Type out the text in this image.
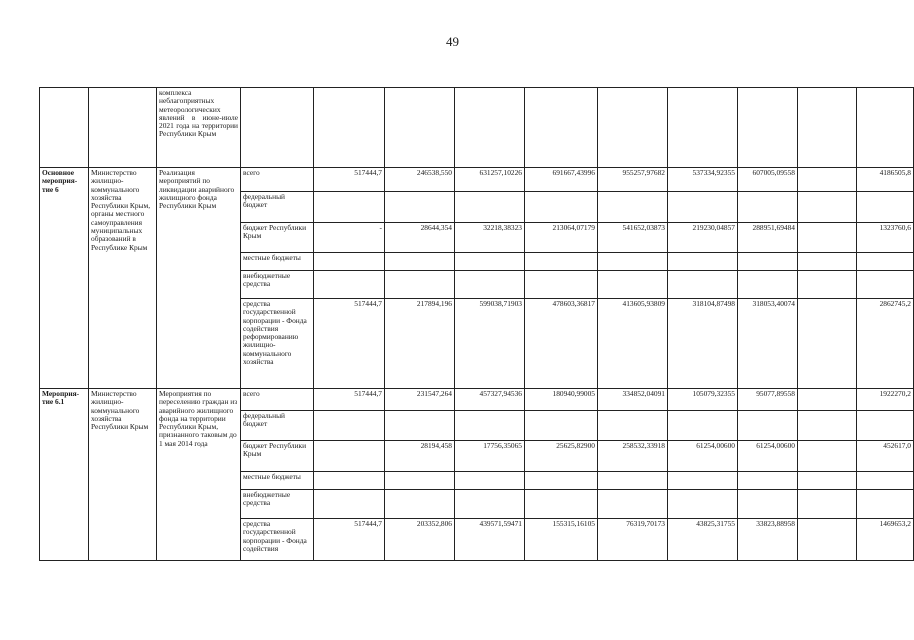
49
		комплекса неблагоприятных метеорологических явлений в июне-июле 2021 года на территории Республики Крым										
Основное мероприя-тие 6	Министерство жилищно-коммунального хозяйства Республики Крым, органы местного самоуправления муниципальных образований в Республике Крым	Реализация мероприятий по ликвидации аварийного жилищного фонда Республики Крым	всего	517444,7	246538,550	631257,10226	691667,43996	955257,97682	537334,92355	607005,09558		4186505,8
			федеральный бюджет									
			бюджет Республики Крым	-	28644,354	32218,38323	213064,07179	541652,03873	219230,04857	288951,69484		1323760,6
			местные бюджеты									
			внебюджетные средства									
			средства государственной корпорации - Фонда содействия реформированию жилищно-коммунального хозяйства	517444,7	217894,196	599038,71903	478603,36817	413605,93809	318104,87498	318053,40074		2862745,2
Мероприя-тие 6.1	Министерство жилищно-коммунального хозяйства Республики Крым	Мероприятия по переселению граждан из аварийного жилищного фонда на территории Республики Крым, признанного таковым до 1 мая 2014 года	всего	517444,7	231547,264	457327,94536	180940,99005	334852,04091	105079,32355	95077,89558		1922270,2
			федеральный бюджет									
			бюджет Республики Крым		28194,458	17756,35065	25625,82900	258532,33918	61254,00600	61254,00600		452617,0
			местные бюджеты									
			внебюджетные средства									
			средства государственной корпорации - Фонда содействия	517444,7	203352,806	439571,59471	155315,16105	76319,70173	43825,31755	33823,88958		1469653,2
